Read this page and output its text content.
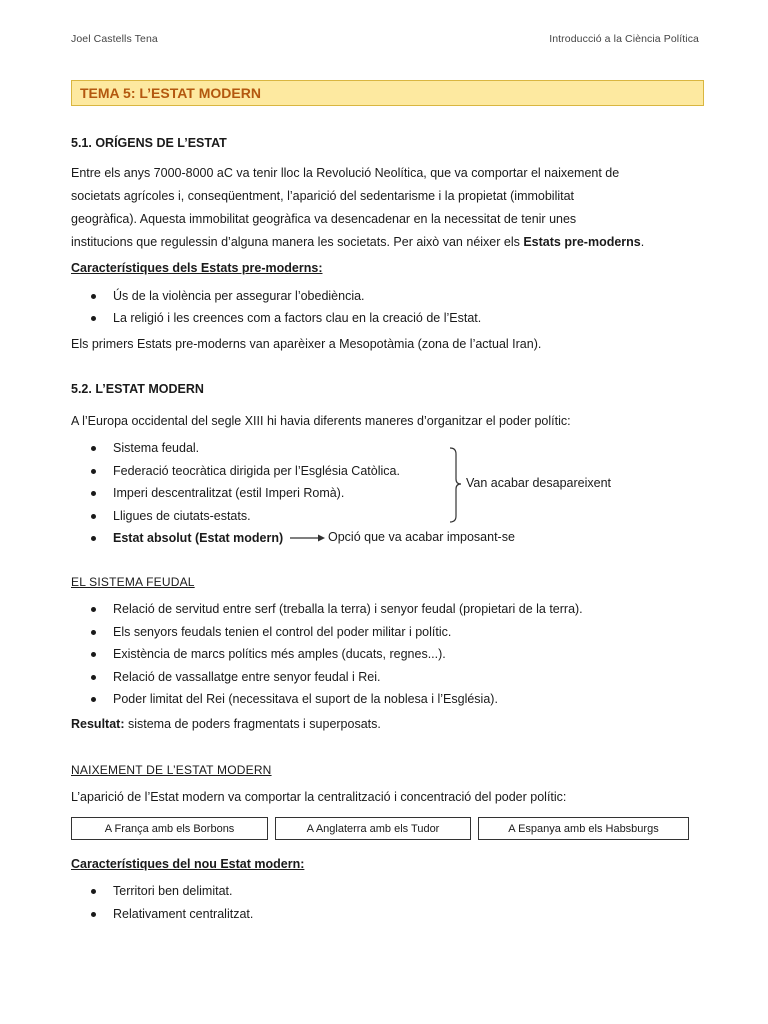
Joel Castells Tena	Introducció a la Ciència Política
TEMA 5: L’ESTAT MODERN
5.1. ORÍGENS DE L’ESTAT
Entre els anys 7000-8000 aC va tenir lloc la Revolució Neolítica, que va comportar el naixement de
societats agrícoles i, conseqüentment, l’aparició del sedentarisme i la propietat (immobilitat
geogràfica). Aquesta immobilitat geogràfica va desencadenar en la necessitat de tenir unes
institucions que regulessin d’alguna manera les societats. Per això van néixer els Estats pre-moderns.
Característiques dels Estats pre-moderns:
Ús de la violència per assegurar l’obediència.
La religió i les creences com a factors clau en la creació de l’Estat.
Els primers Estats pre-moderns van aparèixer a Mesopotàmia (zona de l’actual Iran).
5.2. L’ESTAT MODERN
A l’Europa occidental del segle XIII hi havia diferents maneres d’organitzar el poder polític:
Sistema feudal.
Federació teocràtica dirigida per l’Església Catòlica.
Imperi descentralitzat (estil Imperi Romà).
Lligues de ciutats-estats.
Estat absolut (Estat modern)
Van acabar desapareixent
Opció que va acabar imposant-se
EL SISTEMA FEUDAL
Relació de servitud entre serf (treballa la terra) i senyor feudal (propietari de la terra).
Els senyors feudals tenien el control del poder militar i polític.
Existència de marcs polítics més amples (ducats, regnes...).
Relació de vassallatge entre senyor feudal i Rei.
Poder limitat del Rei (necessitava el suport de la noblesa i l’Església).
Resultat: sistema de poders fragmentats i superposats.
NAIXEMENT DE L’ESTAT MODERN
L’aparició de l’Estat modern va comportar la centralització i concentració del poder polític:
A França amb els Borbons	A Anglaterra amb els Tudor	A Espanya amb els Habsburgs
Característiques del nou Estat modern:
Territori ben delimitat.
Relativament centralitzat.
